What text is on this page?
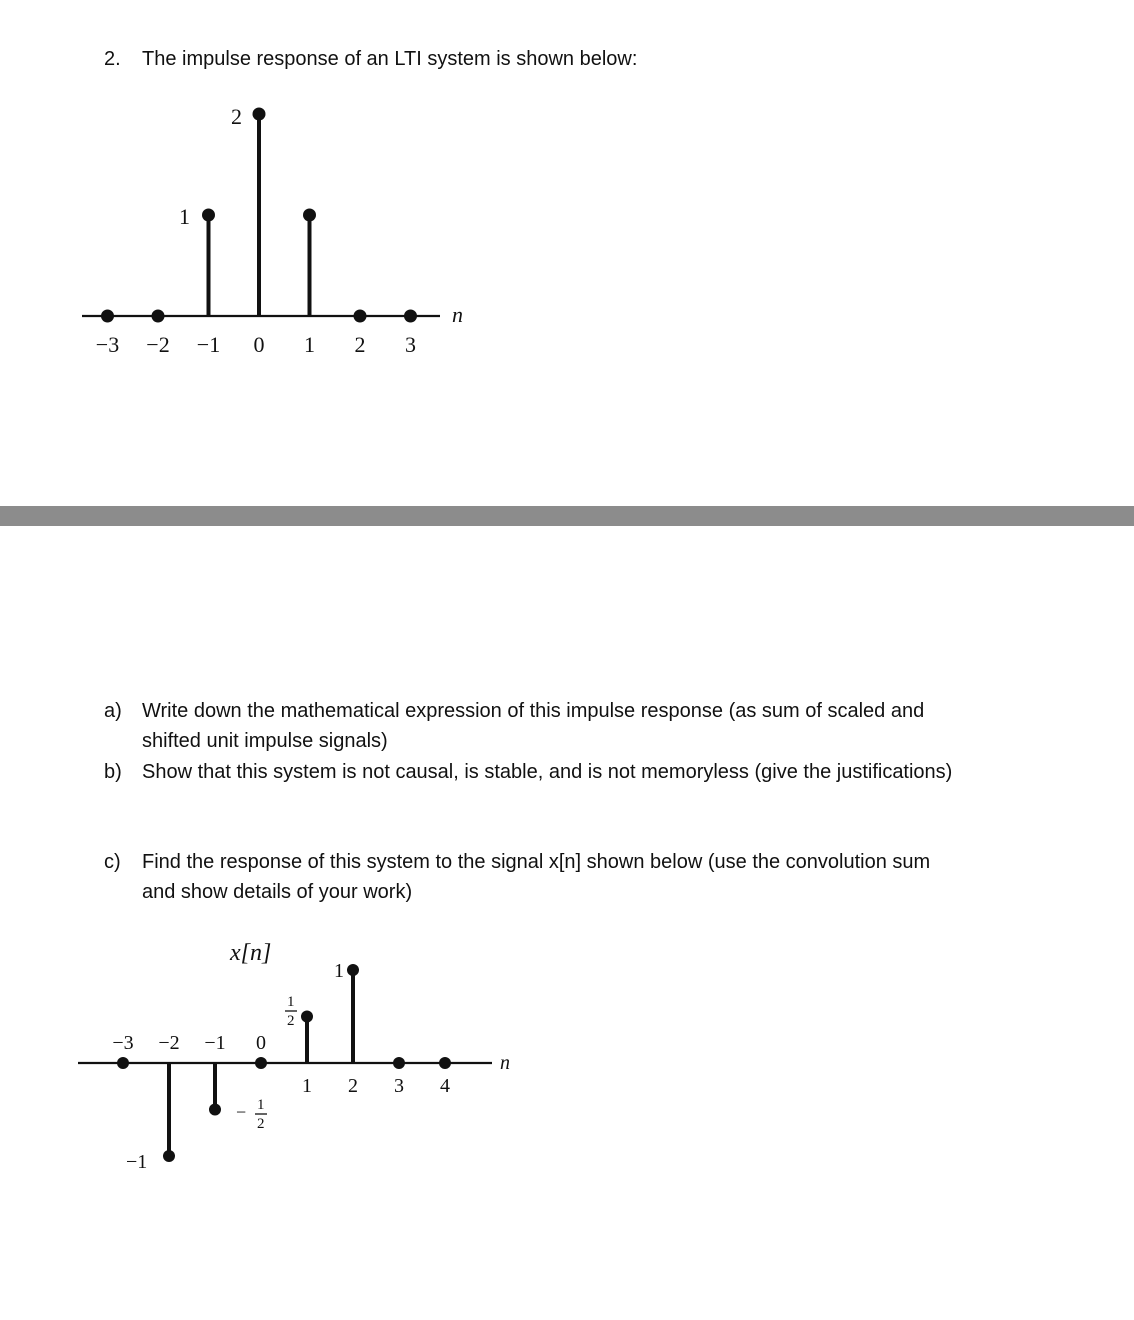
2.	The impulse response of an LTI system is shown below:
n
2
1
−3 −2 −1 0 1 2 3
a)	Write down the mathematical expression of this impulse response (as sum of scaled and
shifted unit impulse signals)
b)	Show that this system is not causal, is stable, and is not memoryless (give the justifications)
c)	Find the response of this system to the signal x[n] shown below (use the convolution sum
and show details of your work)
x[n]
n
1
−1
1
2
− 1
2
−3 −2 −1 0
1 2 3 4
